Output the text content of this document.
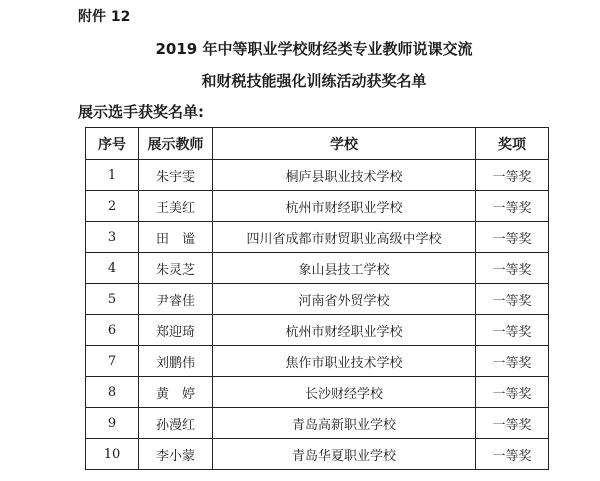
附件 12
2019 年中等职业学校财经类专业教师说课交流
和财税技能强化训练活动获奖名单
展示选手获奖名单:
序号	展示教师	学校	奖项
1	朱宇雯	桐庐县职业技术学校	一等奖
2	王美红	杭州市财经职业学校	一等奖
3	田　谧	四川省成都市财贸职业高级中学校	一等奖
4	朱灵芝	象山县技工学校	一等奖
5	尹睿佳	河南省外贸学校	一等奖
6	郑迎琦	杭州市财经职业学校	一等奖
7	刘鹏伟	焦作市职业技术学校	一等奖
8	黄　婷	长沙财经学校	一等奖
9	孙漫红	青岛高新职业学校	一等奖
10	李小蒙	青岛华夏职业学校	一等奖
